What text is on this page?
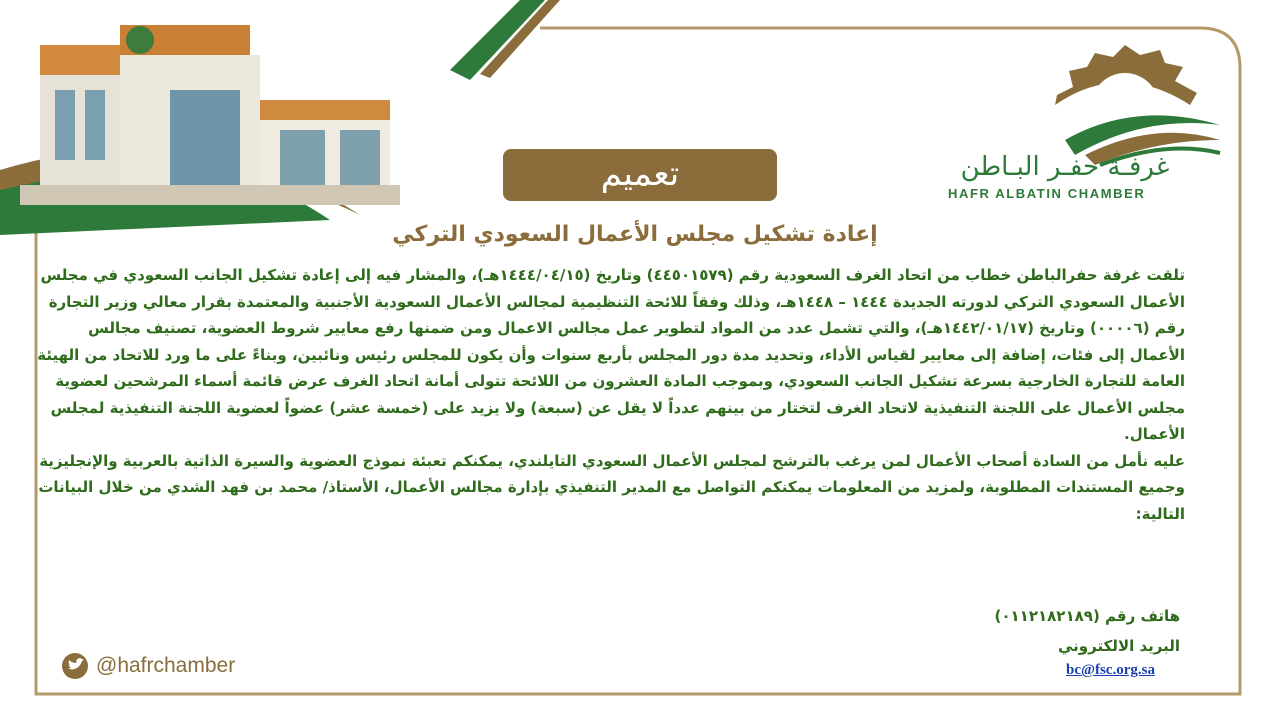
غرفـة حفـر البـاطن
HAFR ALBATIN CHAMBER
تعميم
إعادة تشكيل مجلس الأعمال السعودي التركي

تلقت غرفة حفرالباطن خطاب من اتحاد الغرف السعودية رقم (٤٤٥٠١٥٧٩) وتاريخ (١٤٤٤/٠٤/١٥هـ)، والمشار فيه إلى إعادة تشكيل الجانب السعودي في مجلس الأعمال السعودي التركي لدورته الجديدة ١٤٤٤ – ١٤٤٨هـ، وذلك وفقاً للائحة التنظيمية لمجالس الأعمال السعودية الأجنبية والمعتمدة بقرار معالي وزير التجارة رقم (٠٠٠٠٦) وتاريخ (١٤٤٢/٠١/١٧هـ)، والتي تشمل عدد من المواد لتطوير عمل مجالس الاعمال ومن ضمنها رفع معايير شروط العضوية، تصنيف مجالس الأعمال إلى فئات، إضافة إلى معايير لقياس الأداء، وتحديد مدة دور المجلس بأربع سنوات وأن يكون للمجلس رئيس ونائبين، وبناءً على ما ورد للاتحاد من الهيئة العامة للتجارة الخارجية بسرعة تشكيل الجانب السعودي، وبموجب المادة العشرون من اللائحة تتولى أمانة اتحاد الغرف عرض قائمة أسماء المرشحين لعضوية مجلس الأعمال على اللجنة التنفيذية لاتحاد الغرف لتختار من بينهم عدداً لا يقل عن (سبعة) ولا يزيد على (خمسة عشر) عضواً لعضوية اللجنة التنفيذية لمجلس الأعمال.

عليه نأمل من السادة أصحاب الأعمال لمن يرغب بالترشح لمجلس الأعمال السعودي التايلندي، يمكنكم تعبئة نموذج العضوية والسيرة الذاتية بالعربية والإنجليزية وجميع المستندات المطلوبة، ولمزيد من المعلومات يمكنكم التواصل مع المدير التنفيذي بإدارة مجالس الأعمال، الأستاذ/ محمد بن فهد الشدي من خلال البيانات التالية:

هاتف رقم (٠١١٢١٨٢١٨٩)
البريد الالكتروني
bc@fsc.org.sa
@hafrchamber
